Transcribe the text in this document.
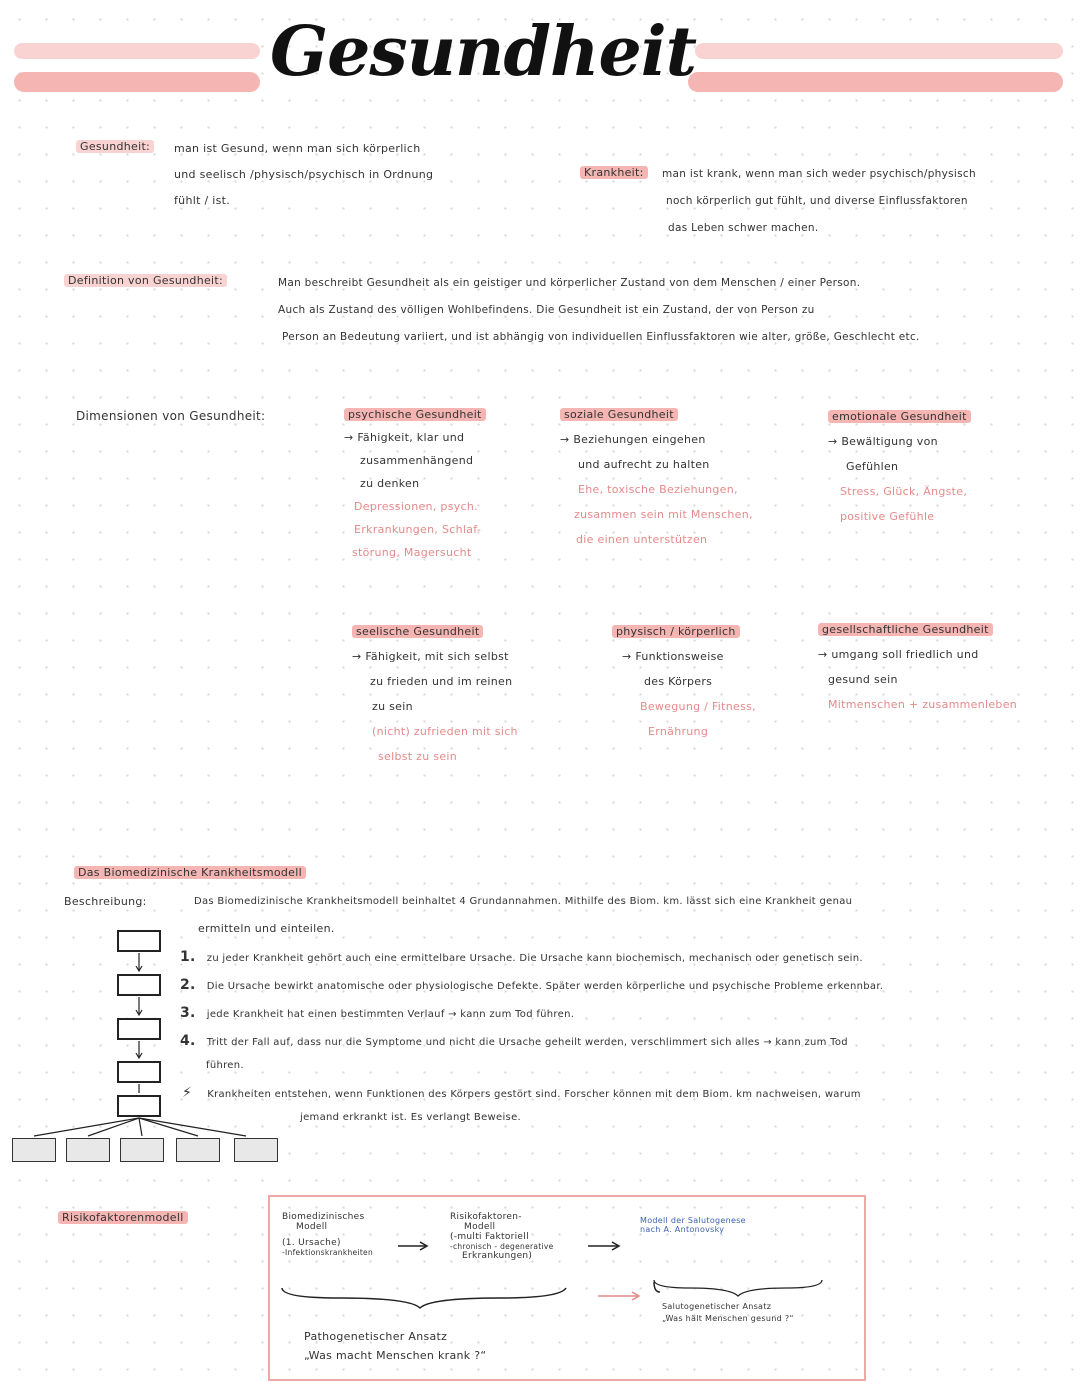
Gesundheit
Gesundheit:	man ist Gesund, wenn man sich körperlich
und seelisch /physisch/psychisch in Ordnung
fühlt / ist.
Krankheit:	man ist krank, wenn man sich weder psychisch/physisch
noch körperlich gut fühlt, und diverse Einflussfaktoren
das Leben schwer machen.
Definition von Gesundheit:	Man beschreibt Gesundheit als ein geistiger und körperlicher Zustand von dem Menschen / einer Person.
Auch als Zustand des völligen Wohlbefindens. Die Gesundheit ist ein Zustand, der von Person zu
Person an Bedeutung variiert, und ist abhängig von individuellen Einflussfaktoren wie alter, größe, Geschlecht etc.
Dimensionen von Gesundheit:	psychische Gesundheit
→ Fähigkeit, klar und
zusammenhängend
zu denken
Depressionen, psych.
Erkrankungen, Schlaf-
störung, Magersucht
soziale Gesundheit
→ Beziehungen eingehen
und aufrecht zu halten
Ehe, toxische Beziehungen,
zusammen sein mit Menschen,
die einen unterstützen
emotionale Gesundheit
→ Bewältigung von
Gefühlen
Stress, Glück, Ängste,
positive Gefühle
seelische Gesundheit
→ Fähigkeit, mit sich selbst
zu frieden und im reinen
zu sein
(nicht) zufrieden mit sich
selbst zu sein
physisch / körperlich
→ Funktionsweise
des Körpers
Bewegung / Fitness,
Ernährung
gesellschaftliche Gesundheit
→ umgang soll friedlich und
gesund sein
Mitmenschen + zusammenleben
Das Biomedizinische Krankheitsmodell
Beschreibung:	Das Biomedizinische Krankheitsmodell beinhaltet 4 Grundannahmen. Mithilfe des Biom. km. lässt sich eine Krankheit genau
ermitteln und einteilen.
1. zu jeder Krankheit gehört auch eine ermittelbare Ursache. Die Ursache kann biochemisch, mechanisch oder genetisch sein.
2. Die Ursache bewirkt anatomische oder physiologische Defekte. Später werden körperliche und psychische Probleme erkennbar.
3. jede Krankheit hat einen bestimmten Verlauf → kann zum Tod führen.
4. Tritt der Fall auf, dass nur die Symptome und nicht die Ursache geheilt werden, verschlimmert sich alles → kann zum Tod
führen.
⚡ Krankheiten entstehen, wenn Funktionen des Körpers gestört sind. Forscher können mit dem Biom. km nachweisen, warum
jemand erkrankt ist. Es verlangt Beweise.
Risikofaktorenmodell	Biomedizinisches
Modell
(1. Ursache)
-Infektionskrankheiten
Risikofaktoren-
Modell
(-multi Faktoriell
-chronisch - degenerative
Erkrankungen)
Modell der Salutogenese
nach A. Antonovsky
Salutogenetischer Ansatz
„Was hält Menschen gesund ?“
Pathogenetischer Ansatz
„Was macht Menschen krank ?“
